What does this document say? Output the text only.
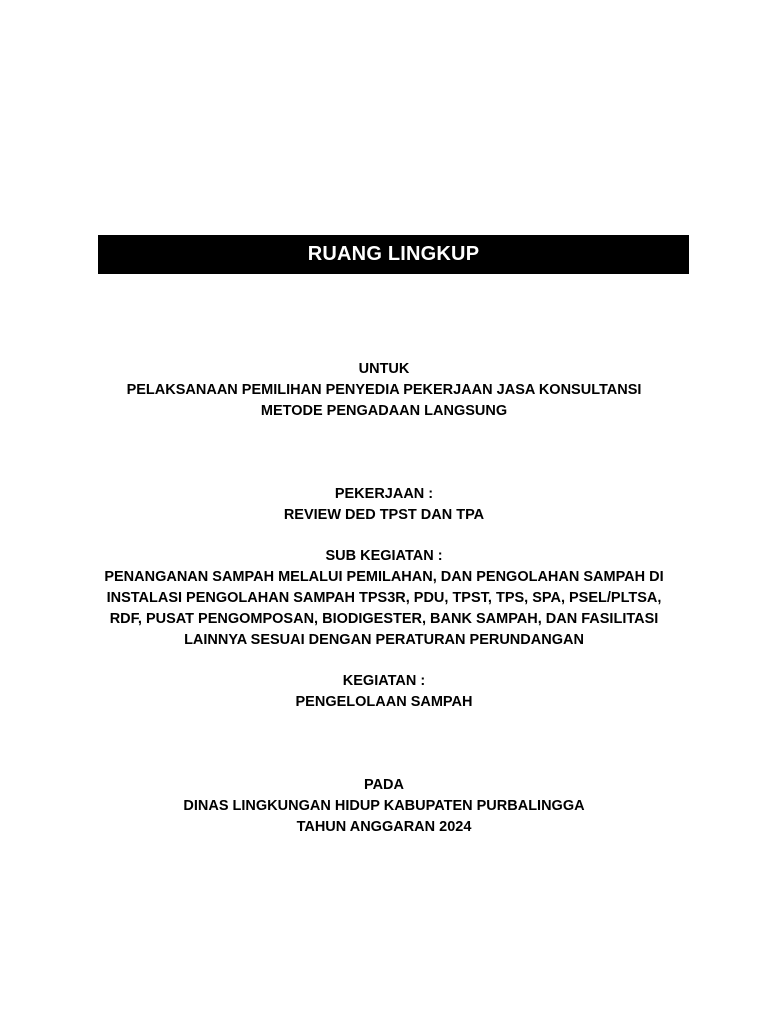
RUANG LINGKUP
UNTUK
PELAKSANAAN PEMILIHAN PENYEDIA PEKERJAAN JASA KONSULTANSI
METODE PENGADAAN LANGSUNG
PEKERJAAN :
REVIEW DED TPST DAN TPA
SUB KEGIATAN :
PENANGANAN SAMPAH MELALUI PEMILAHAN, DAN PENGOLAHAN SAMPAH DI
INSTALASI PENGOLAHAN SAMPAH TPS3R, PDU, TPST, TPS, SPA, PSEL/PLTSA,
RDF, PUSAT PENGOMPOSAN, BIODIGESTER, BANK SAMPAH, DAN FASILITASI
LAINNYA SESUAI DENGAN PERATURAN PERUNDANGAN
KEGIATAN :
PENGELOLAAN SAMPAH
PADA
DINAS LINGKUNGAN HIDUP KABUPATEN PURBALINGGA
TAHUN ANGGARAN 2024
